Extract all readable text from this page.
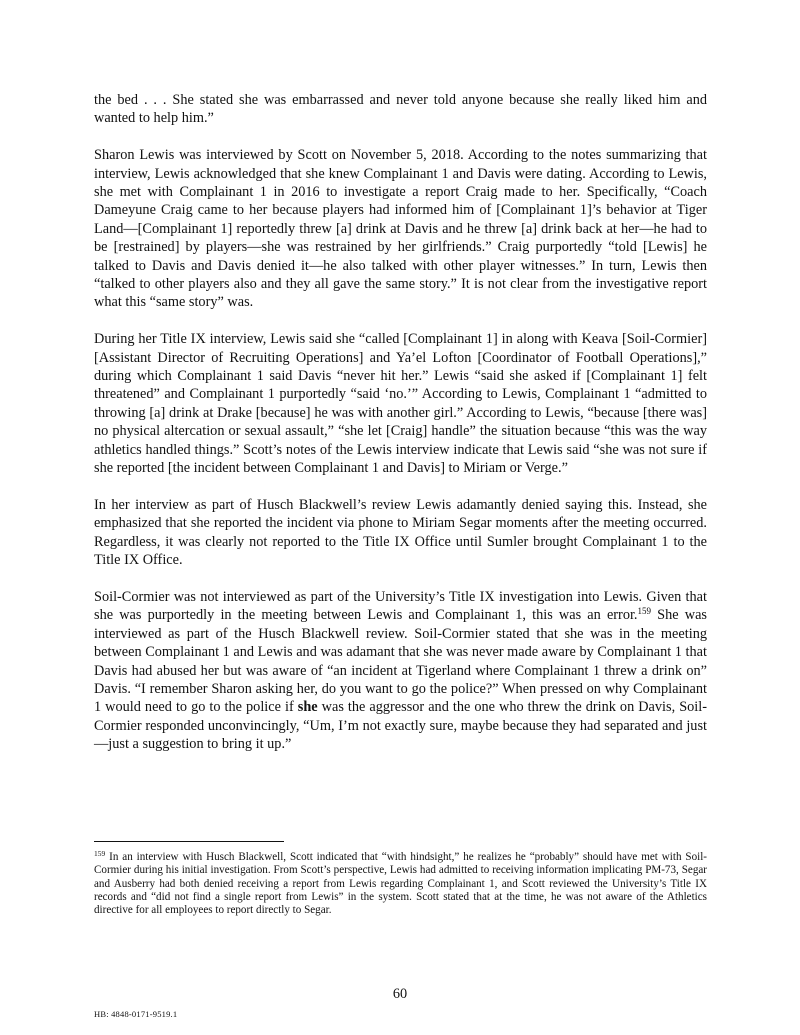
the bed . . . She stated she was embarrassed and never told anyone because she really liked him and wanted to help him.”

Sharon Lewis was interviewed by Scott on November 5, 2018. According to the notes summarizing that interview, Lewis acknowledged that she knew Complainant 1 and Davis were dating. According to Lewis, she met with Complainant 1 in 2016 to investigate a report Craig made to her. Specifically, “Coach Dameyune Craig came to her because players had informed him of [Complainant 1]’s behavior at Tiger Land—[Complainant 1] reportedly threw [a] drink at Davis and he threw [a] drink back at her—he had to be [restrained] by players—she was restrained by her girlfriends.” Craig purportedly “told [Lewis] he talked to Davis and Davis denied it—he also talked with other player witnesses.” In turn, Lewis then “talked to other players also and they all gave the same story.” It is not clear from the investigative report what this “same story” was.

During her Title IX interview, Lewis said she “called [Complainant 1] in along with Keava [Soil-Cormier] [Assistant Director of Recruiting Operations] and Ya’el Lofton [Coordinator of Football Operations],” during which Complainant 1 said Davis “never hit her.” Lewis “said she asked if [Complainant 1] felt threatened” and Complainant 1 purportedly “said ‘no.’” According to Lewis, Complainant 1 “admitted to throwing [a] drink at Drake [because] he was with another girl.” According to Lewis, “because [there was] no physical altercation or sexual assault,” “she let [Craig] handle” the situation because “this was the way athletics handled things.” Scott’s notes of the Lewis interview indicate that Lewis said “she was not sure if she reported [the incident between Complainant 1 and Davis] to Miriam or Verge.”

In her interview as part of Husch Blackwell’s review Lewis adamantly denied saying this. Instead, she emphasized that she reported the incident via phone to Miriam Segar moments after the meeting occurred. Regardless, it was clearly not reported to the Title IX Office until Sumler brought Complainant 1 to the Title IX Office.

Soil-Cormier was not interviewed as part of the University’s Title IX investigation into Lewis. Given that she was purportedly in the meeting between Lewis and Complainant 1, this was an error.$^{159}$ She was interviewed as part of the Husch Blackwell review. Soil-Cormier stated that she was in the meeting between Complainant 1 and Lewis and was adamant that she was never made aware by Complainant 1 that Davis had abused her but was aware of “an incident at Tigerland where Complainant 1 threw a drink on” Davis. “I remember Sharon asking her, do you want to go the police?” When pressed on why Complainant 1 would need to go to the police if she was the aggressor and the one who threw the drink on Davis, Soil-Cormier responded unconvincingly, “Um, I’m not exactly sure, maybe because they had separated and just—just a suggestion to bring it up.”

$^{159}$ In an interview with Husch Blackwell, Scott indicated that “with hindsight,” he realizes he “probably” should have met with Soil-Cormier during his initial investigation. From Scott’s perspective, Lewis had admitted to receiving information implicating PM-73, Segar and Ausberry had both denied receiving a report from Lewis regarding Complainant 1, and Scott reviewed the University’s Title IX records and “did not find a single report from Lewis” in the system. Scott stated that at the time, he was not aware of the Athletics directive for all employees to report directly to Segar.
60
HB: 4848-0171-9519.1
